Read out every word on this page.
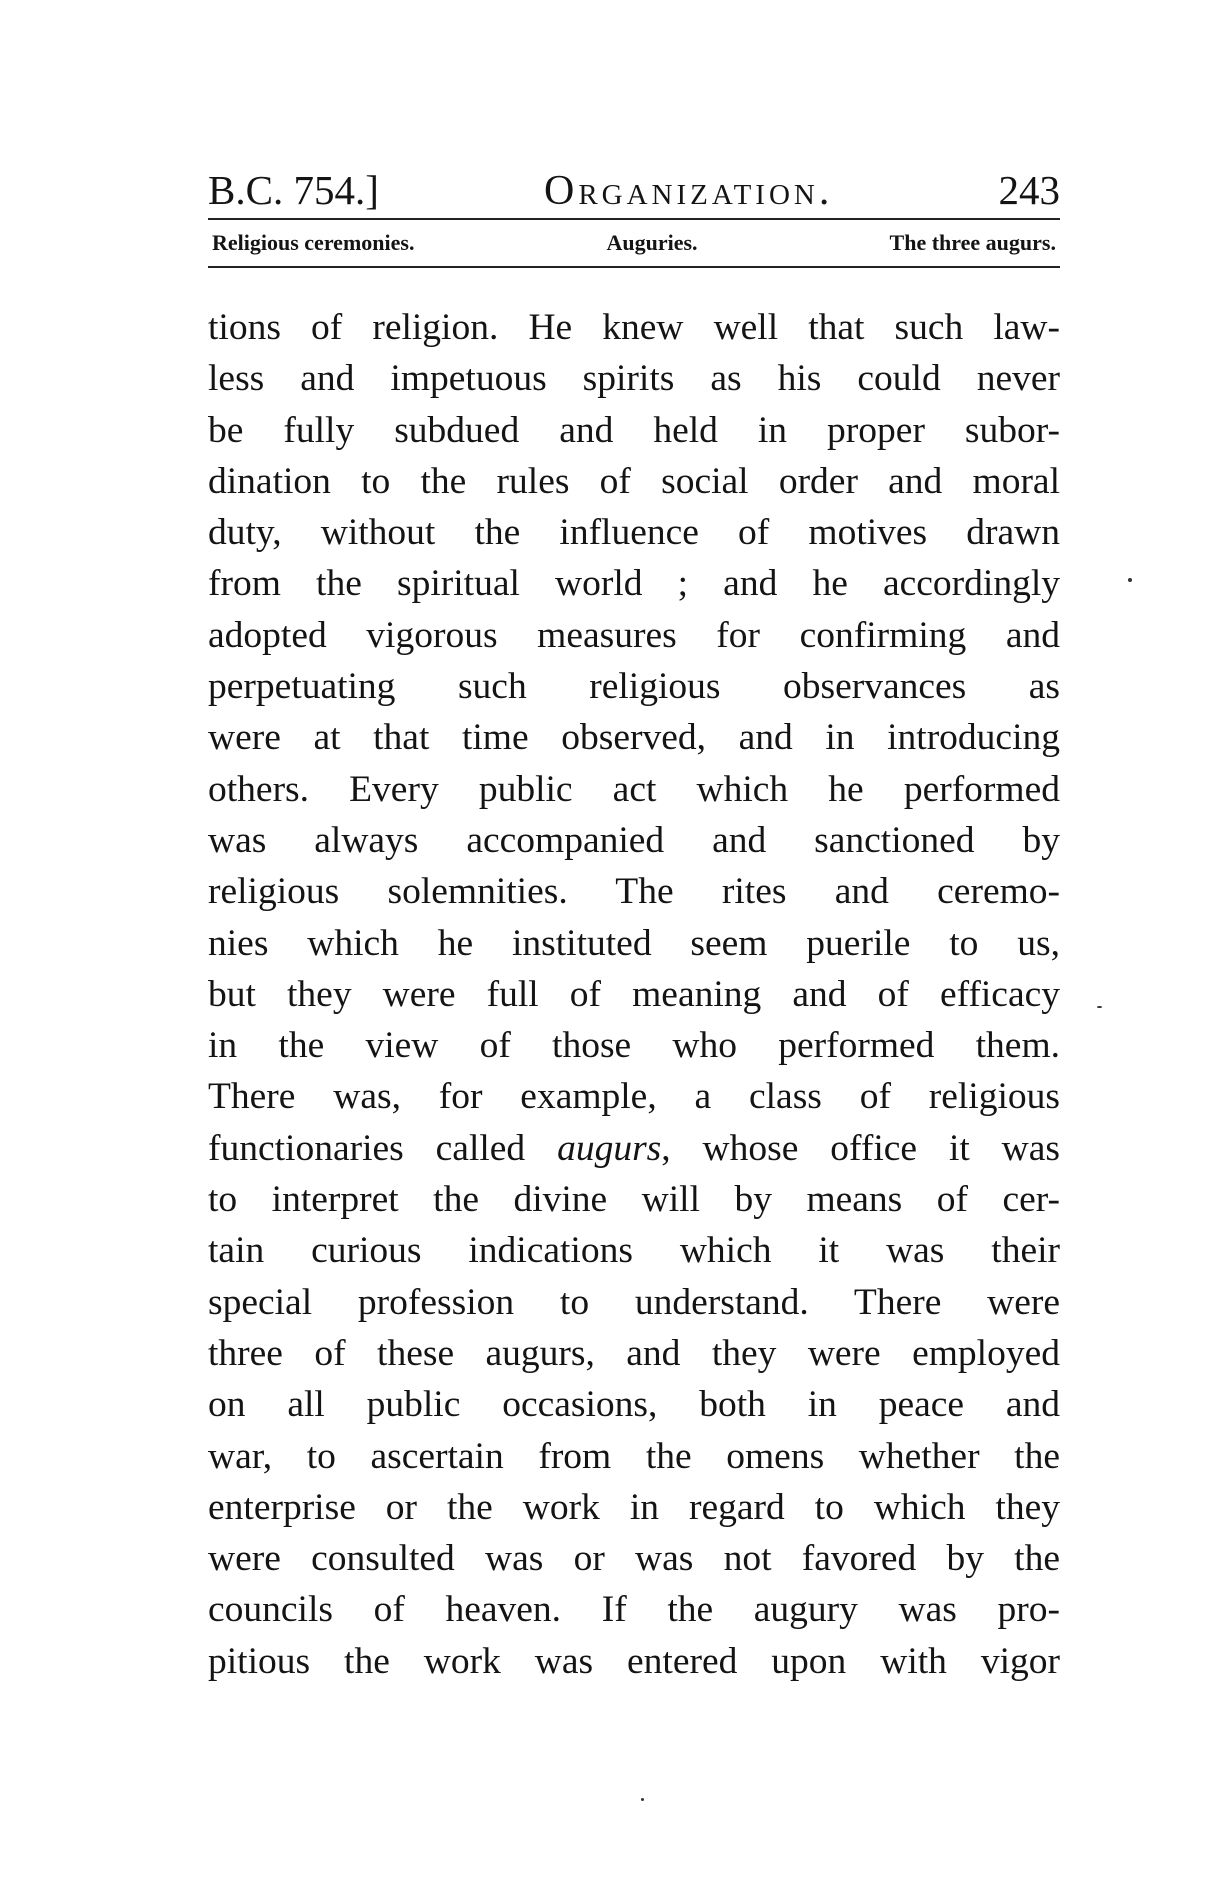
B.C. 754.]	Organization.	243
Religious ceremonies.	Auguries.	The three augurs.
tions of religion. He knew well that such law-
less and impetuous spirits as his could never
be fully subdued and held in proper subor-
dination to the rules of social order and moral
duty, without the influence of motives drawn
from the spiritual world ; and he accordingly
adopted vigorous measures for confirming and
perpetuating such religious observances as
were at that time observed, and in introducing
others. Every public act which he performed
was always accompanied and sanctioned by
religious solemnities. The rites and ceremo-
nies which he instituted seem puerile to us,
but they were full of meaning and of efficacy
in the view of those who performed them.
There was, for example, a class of religious
functionaries called augurs, whose office it was
to interpret the divine will by means of cer-
tain curious indications which it was their
special profession to understand. There were
three of these augurs, and they were employed
on all public occasions, both in peace and
war, to ascertain from the omens whether the
enterprise or the work in regard to which they
were consulted was or was not favored by the
councils of heaven. If the augury was pro-
pitious the work was entered upon with vigor
